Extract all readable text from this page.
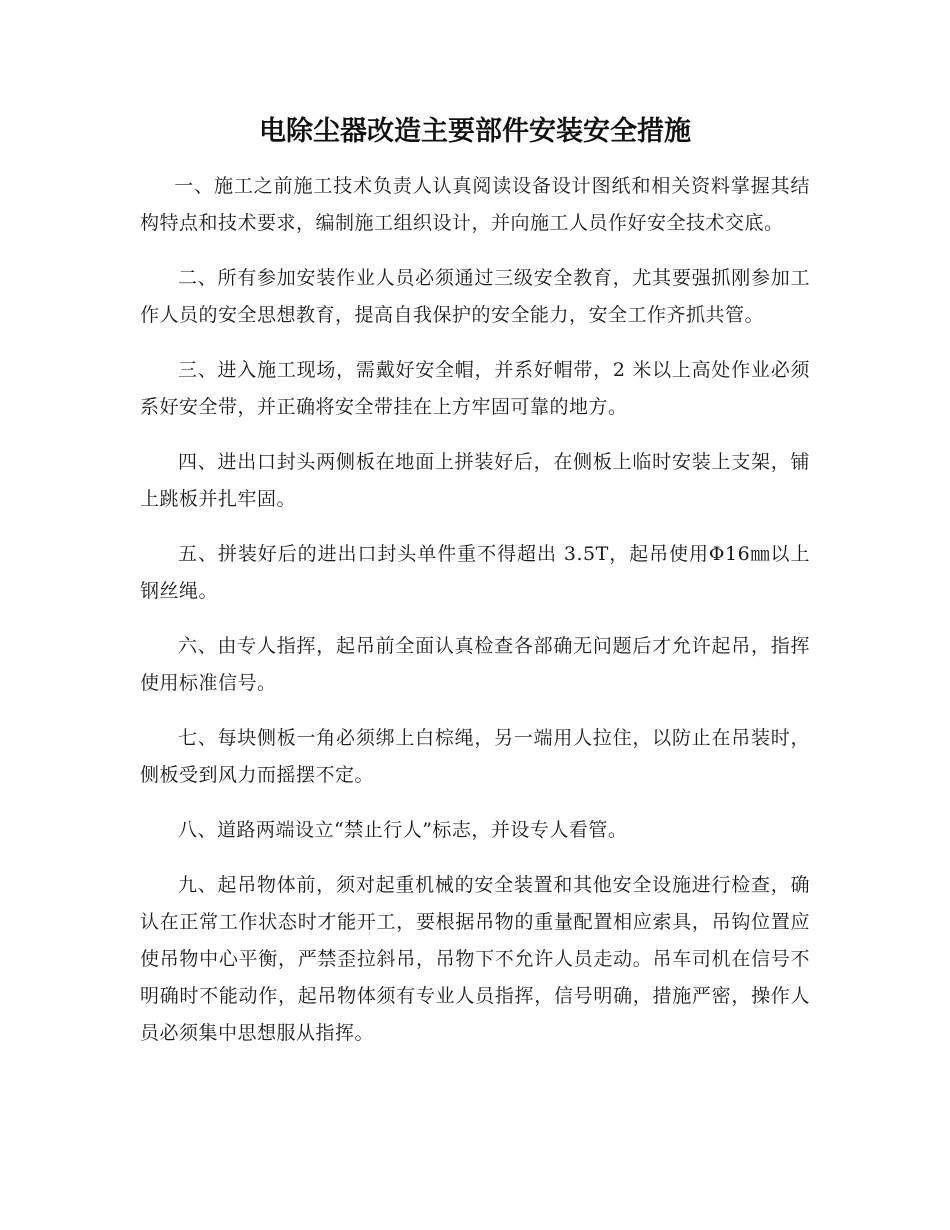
电除尘器改造主要部件安装安全措施

一、施工之前施工技术负责人认真阅读设备设计图纸和相关资料掌握其结构特点和技术要求，编制施工组织设计，并向施工人员作好安全技术交底。

二、所有参加安装作业人员必须通过三级安全教育，尤其要强抓刚参加工作人员的安全思想教育，提高自我保护的安全能力，安全工作齐抓共管。

三、进入施工现场，需戴好安全帽，并系好帽带，2 米以上高处作业必须系好安全带，并正确将安全带挂在上方牢固可靠的地方。

四、进出口封头两侧板在地面上拼装好后，在侧板上临时安装上支架，铺上跳板并扎牢固。

五、拼装好后的进出口封头单件重不得超出 3.5T，起吊使用Φ16㎜以上钢丝绳。

六、由专人指挥，起吊前全面认真检查各部确无问题后才允许起吊，指挥使用标准信号。

七、每块侧板一角必须绑上白棕绳，另一端用人拉住，以防止在吊装时，侧板受到风力而摇摆不定。

八、道路两端设立“禁止行人”标志，并设专人看管。

九、起吊物体前，须对起重机械的安全装置和其他安全设施进行检查，确认在正常工作状态时才能开工，要根据吊物的重量配置相应索具，吊钩位置应使吊物中心平衡，严禁歪拉斜吊，吊物下不允许人员走动。吊车司机在信号不明确时不能动作，起吊物体须有专业人员指挥，信号明确，措施严密，操作人员必须集中思想服从指挥。
